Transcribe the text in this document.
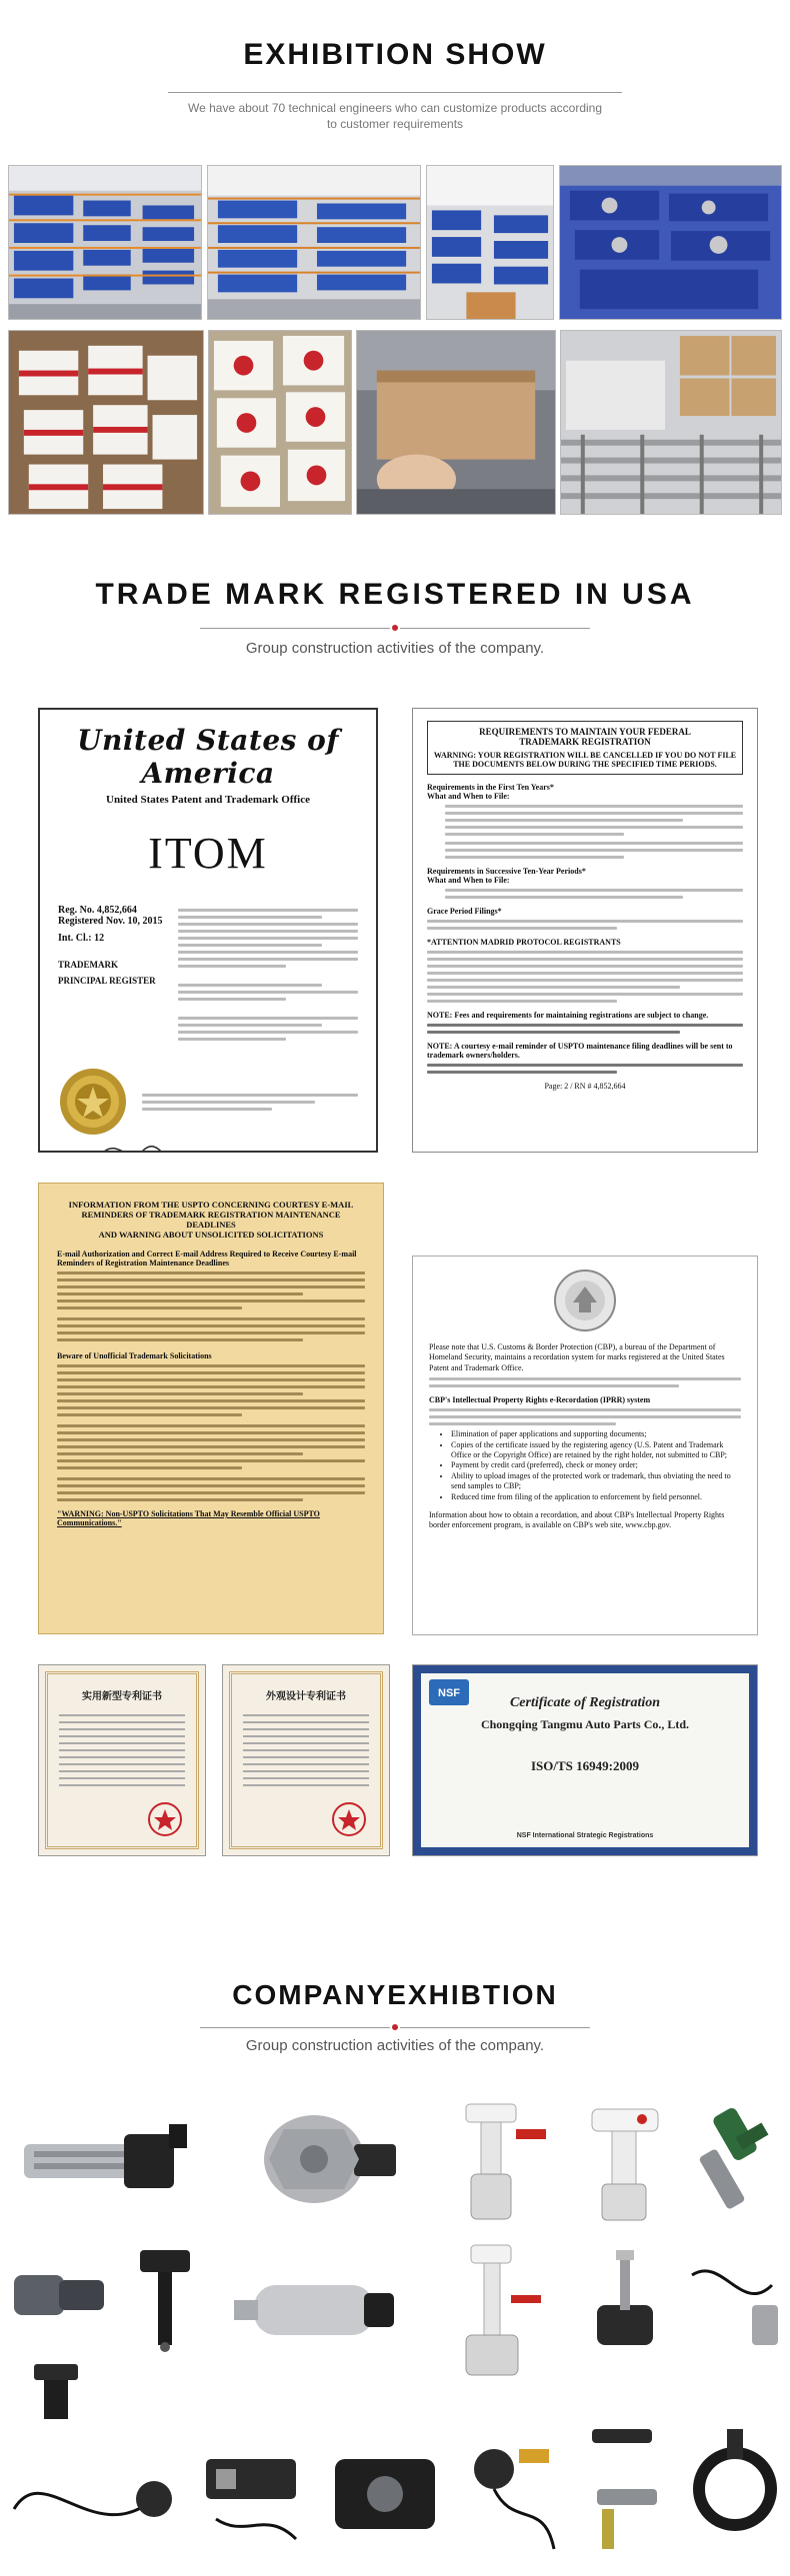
EXHIBITION SHOW
We have about 70 technical engineers who can customize products according
to customer requirements
TRADE MARK REGISTERED IN USA
Group construction activities of the company.
United States of America
United States Patent and Trademark Office
ITOM
Reg. No. 4,852,664
Registered Nov. 10, 2015
Int. Cl.: 12
TRADEMARK
PRINCIPAL REGISTER
REQUIREMENTS TO MAINTAIN YOUR FEDERAL
TRADEMARK REGISTRATION
WARNING: YOUR REGISTRATION WILL BE CANCELLED IF YOU DO NOT FILE THE DOCUMENTS BELOW DURING THE SPECIFIED TIME PERIODS.
Requirements in the First Ten Years*
What and When to File:
Requirements in Successive Ten-Year Periods*
What and When to File:
Grace Period Filings*
*ATTENTION MADRID PROTOCOL REGISTRANTS
NOTE: Fees and requirements for maintaining registrations are subject to change.
NOTE: A courtesy e-mail reminder of USPTO maintenance filing deadlines will be sent to trademark owners/holders.
Page: 2 / RN # 4,852,664
INFORMATION FROM THE USPTO CONCERNING COURTESY E-MAIL
REMINDERS OF TRADEMARK REGISTRATION MAINTENANCE DEADLINES
AND WARNING ABOUT UNSOLICITED SOLICITATIONS
E-mail Authorization and Correct E-mail Address Required to Receive Courtesy E-mail Reminders of Registration Maintenance Deadlines
Beware of Unofficial Trademark Solicitations
"WARNING: Non-USPTO Solicitations That May Resemble Official USPTO Communications."
Please note that U.S. Customs & Border Protection (CBP), a bureau of the Department of Homeland Security, maintains a recordation system for marks registered at the United States Patent and Trademark Office.
CBP's Intellectual Property Rights e-Recordation (IPRR) system
• Elimination of paper applications and supporting documents;
• Copies of the certificate issued by the registering agency (U.S. Patent and Trademark Office or the Copyright Office) are retained by the right holder, not submitted to CBP;
• Payment by credit card (preferred), check or money order;
• Ability to upload images of the protected work or trademark, thus obviating the need to send samples to CBP;
• Reduced time from filing of the application to enforcement by field personnel.
Information about how to obtain a recordation, and about CBP's Intellectual Property Rights border enforcement program, is available on CBP's web site, www.cbp.gov.
实用新型专利证书	外观设计专利证书	NSF
Certificate of Registration
Chongqing Tangmu Auto Parts Co., Ltd.
ISO/TS 16949:2009
NSF International Strategic Registrations
COMPANYEXHIBTION
Group construction activities of the company.
